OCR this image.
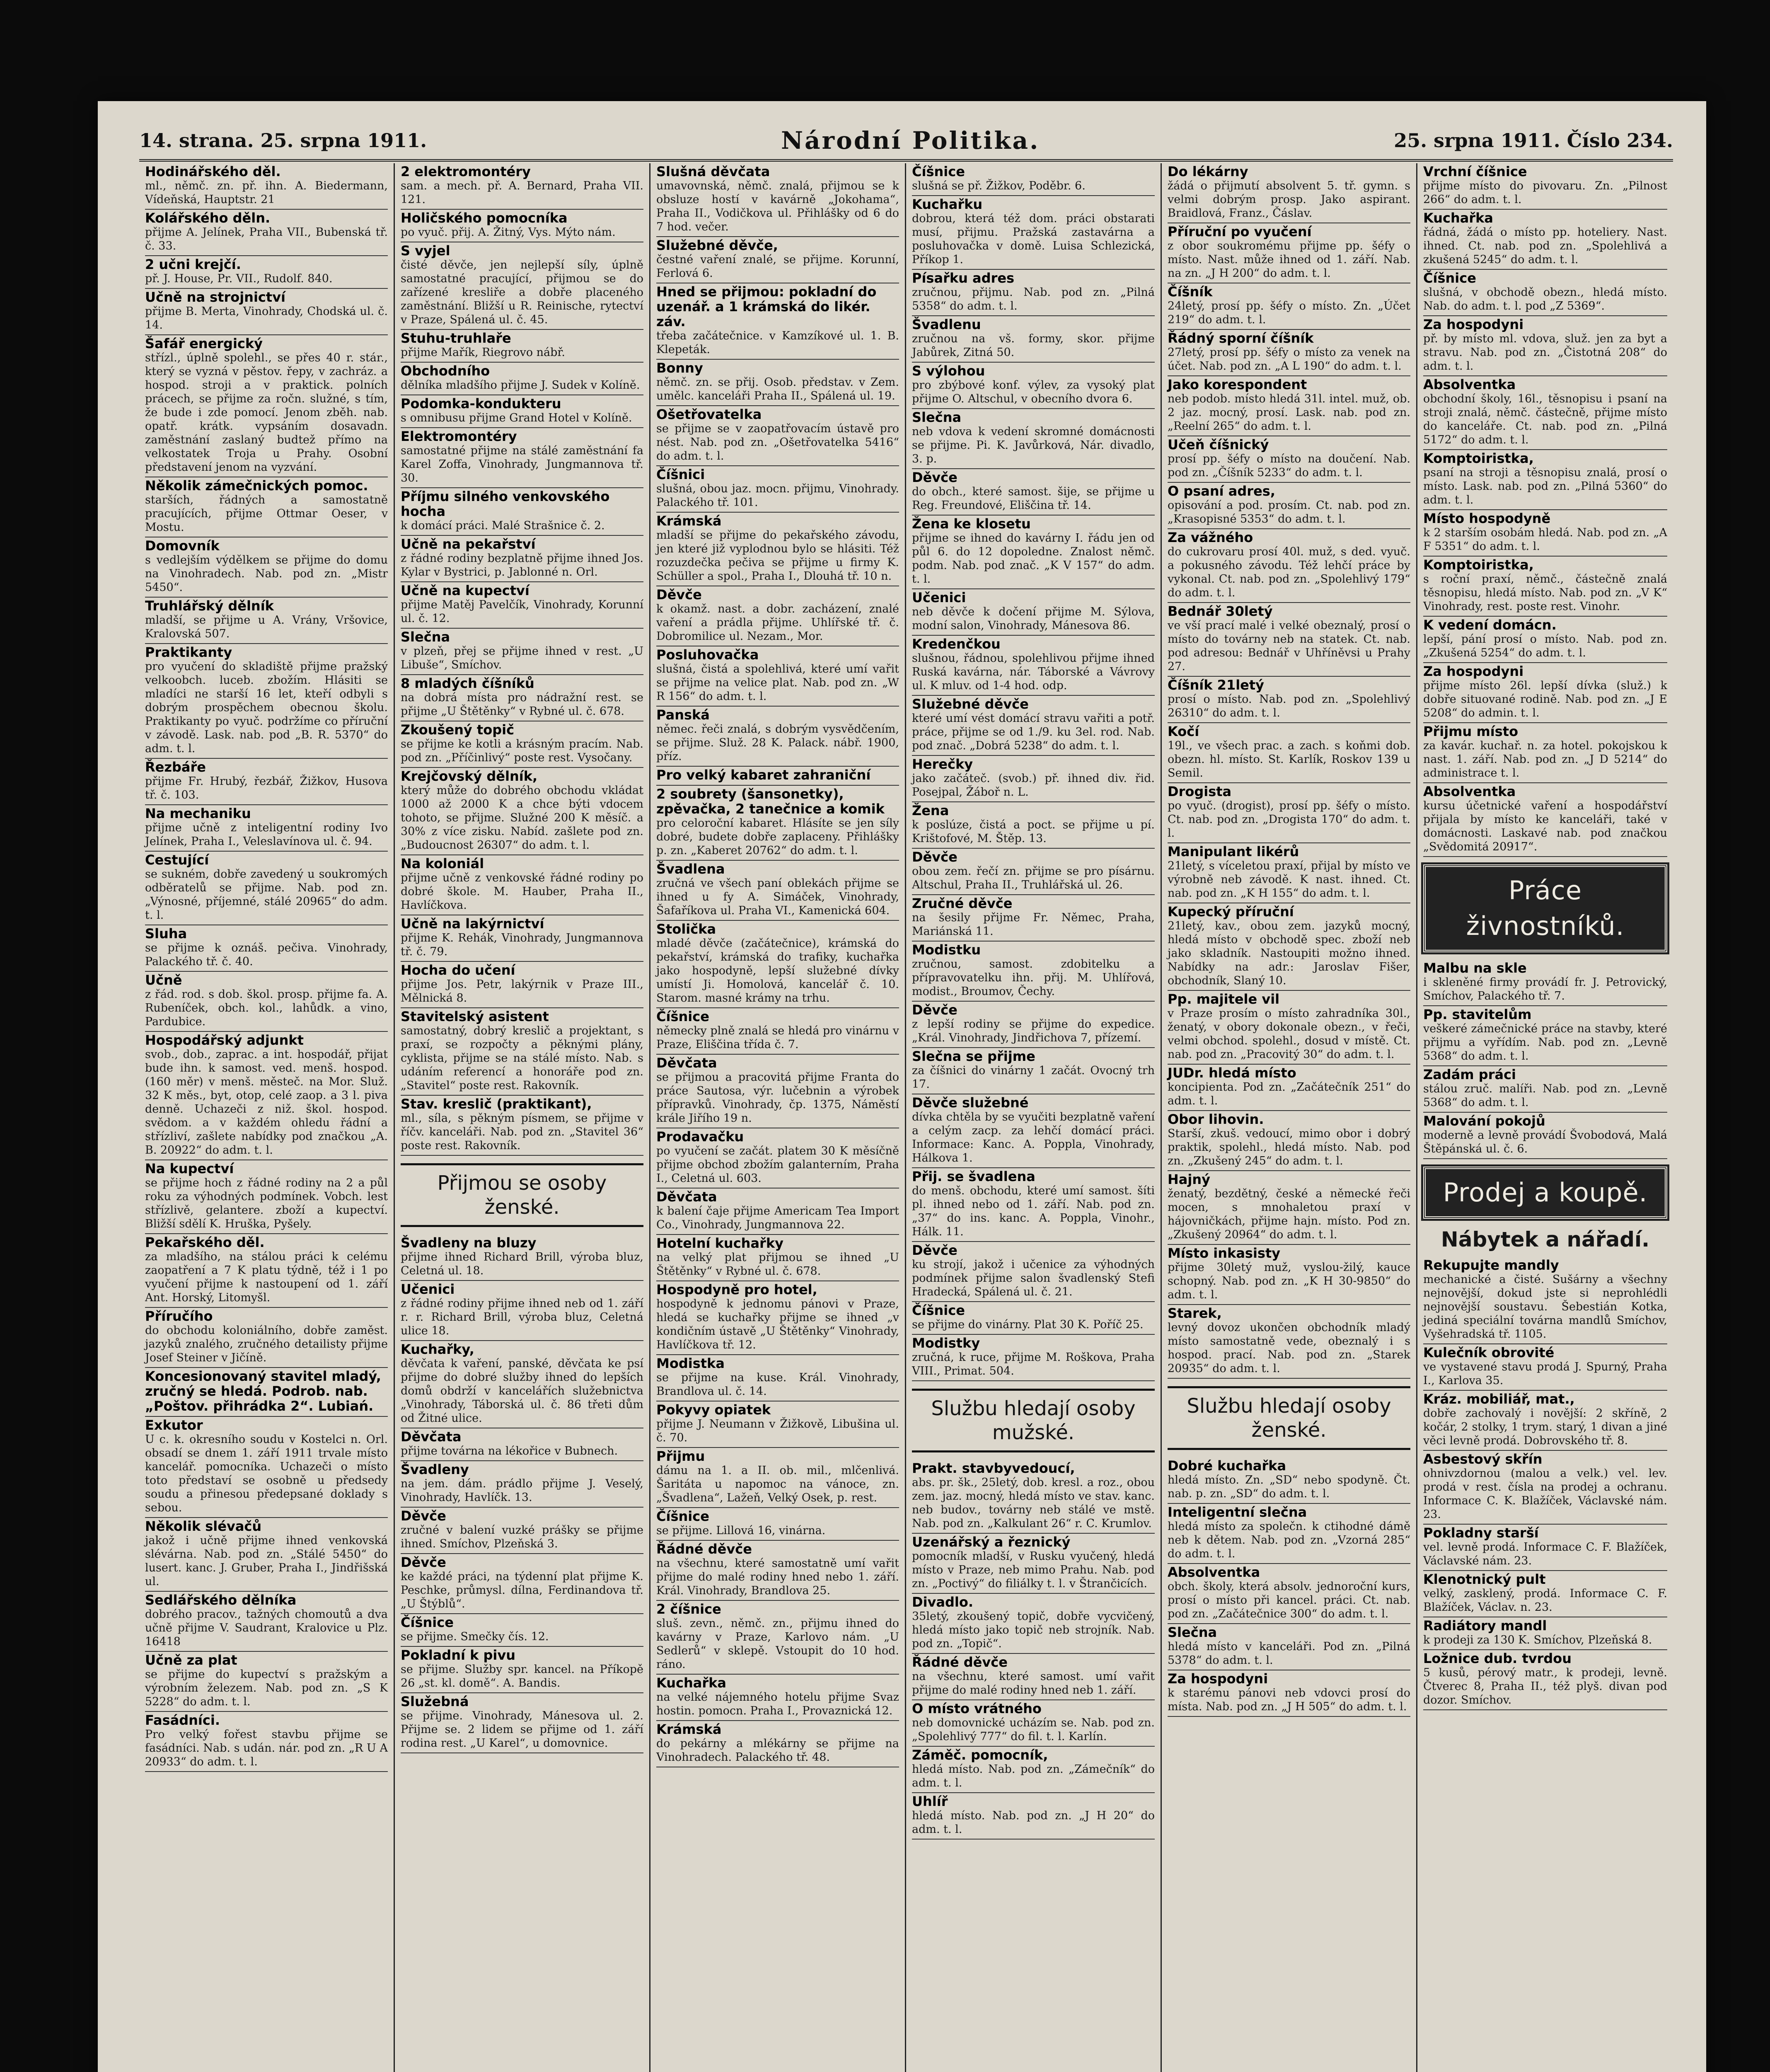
14. strana. 25. srpna 1911.	Národní Politika.	25. srpna 1911. Číslo 234.
Hodinářského děl.
ml., němč. zn. př. ihn. A. Biedermann, Vídeňská, Hauptstr. 21
Kolářského děln.
přijme A. Jelínek, Praha VII., Bubenská tř. č. 33.
2 učni krejčí.
př. J. House, Pr. VII., Rudolf. 840.
Učně na strojnictví
přijme B. Merta, Vinohrady, Chodská ul. č. 14.
Šafář energický
střízl., úplně spolehl., se přes 40 r. stár., který se vyzná v pěstov. řepy, v zachráz. a hospod. stroji a v praktick. polních prácech, se přijme za ročn. služné, s tím, že bude i zde pomocí. Jenom zběh. nab. opatř. krátk. vypsáním dosavadn. zaměstnání zaslaný budtež přímo na velkostatek Troja u Prahy. Osobní představení jenom na vyzvání.
Několik zámečnických pomoc.
starších, řádných a samostatně pracujících, přijme Ottmar Oeser, v Mostu.
Domovník
s vedlejším výdělkem se přijme do domu na Vinohradech. Nab. pod zn. „Mistr 5450“.
Truhlářský dělník
mladší, se přijme u A. Vrány, Vršovice, Kralovská 507.
Praktikanty
pro vyučení do skladiště přijme pražský velkoobch. luceb. zbožím. Hlásiti se mladíci ne starší 16 let, kteří odbyli s dobrým prospěchem obecnou školu. Praktikanty po vyuč. podržíme co příruční v závodě. Lask. nab. pod „B. R. 5370“ do adm. t. l.
Řezbáře
přijme Fr. Hrubý, řezbář, Žižkov, Husova tř. č. 103.
Na mechaniku
přijme učně z inteligentní rodiny Ivo Jelínek, Praha I., Veleslavínova ul. č. 94.
Cestující
se sukném, dobře zavedený u soukromých odběratelů se přijme. Nab. pod zn. „Výnosné, příjemné, stálé 20965“ do adm. t. l.
Sluha
se přijme k oznáš. pečiva. Vinohrady, Palackého tř. č. 40.
Učně
z řád. rod. s dob. škol. prosp. přijme fa. A. Rubeníček, obch. kol., lahůdk. a vino, Pardubice.
Hospodářský adjunkt
svob., dob., zaprac. a int. hospodář, přijat bude ihn. k samost. ved. menš. hospod. (160 měr) v menš. městeč. na Mor. Služ. 32 K měs., byt, otop, celé zaop. a 3 l. piva denně. Uchazeči z niž. škol. hospod. svědom. a v každém ohledu řádní a střízliví, zašlete nabídky pod značkou „A. B. 20922“ do adm. t. l.
Na kupectví
se přijme hoch z řádné rodiny na 2 a půl roku za výhodných podmínek. Vobch. lest střízlivě, gelantere. zboží a kupectví. Bližší sdělí K. Hruška, Pyšely.
Pekařského děl.
za mladšího, na stálou práci k celému zaopatření a 7 K platu týdně, též i 1 po vyučení přijme k nastoupení od 1. září Ant. Horský, Litomyšl.
Příručího
do obchodu koloniálního, dobře zaměst. jazyků znalého, zručného detailisty přijme Josef Steiner v Jičíně.
Koncesionovaný stavitel mladý, zručný se hledá. Podrob. nab. „Poštov. přihrádka 2“. Lubiań.
Exkutor
U c. k. okresního soudu v Kostelci n. Orl. obsadí se dnem 1. září 1911 trvale místo kancelář. pomocníka. Uchazeči o místo toto představí se osobně u předsedy soudu a přinesou předepsané doklady s sebou.
Několik slévačů
jakož i učně přijme ihned venkovská slévárna. Nab. pod zn. „Stálé 5450“ do lusert. kanc. J. Gruber, Praha I., Jindřišská ul.
Sedlářského dělníka
dobrého pracov., tažných chomoutů a dva učně přijme V. Saudrant, Kralovice u Plz. 16418
Učně za plat
se přijme do kupectví s pražským a výrobním železem. Nab. pod zn. „S K 5228“ do adm. t. l.
Fasádníci.
Pro velký fořest stavbu přijme se fasádníci. Nab. s udán. nár. pod zn. „R U A 20933“ do adm. t. l.
2 elektromontéry
sam. a mech. př. A. Bernard, Praha VII. 121.
Holičského pomocníka
po vyuč. přij. A. Žitný, Vys. Mýto nám.
S vyjel
čisté děvče, jen nejlepší síly, úplně samostatné pracující, přijmou se do zařízené kresliře a dobře placeného zaměstnání. Bližší u R. Reinische, rytectví v Praze, Spálená ul. č. 45.
Stuhu-truhlaře
přijme Mařík, Riegrovo nábř.
Obchodního
dělníka mladšího přijme J. Sudek v Kolíně.
Podomka-kondukteru
s omnibusu přijme Grand Hotel v Kolíně.
Elektromontéry
samostatné přijme na stálé zaměstnání fa Karel Zoffa, Vinohrady, Jungmannova tř. 30.
Příjmu silného venkovského hocha
k domácí práci. Malé Strašnice č. 2.
Učně na pekařství
z řádné rodiny bezplatně přijme ihned Jos. Kylar v Bystrici, p. Jablonné n. Orl.
Učně na kupectví
přijme Matěj Pavelčík, Vinohrady, Korunní ul. č. 12.
Slečna
v plzeň, přej se přijme ihned v rest. „U Libuše“, Smíchov.
8 mladých číšníků
na dobrá místa pro nádražní rest. se přijme „U Štětěnky“ v Rybné ul. č. 678.
Zkoušený topič
se přijme ke kotli a krásným pracím. Nab. pod zn. „Příčinlivý“ poste rest. Vysočany.
Krejčovský dělník,
který může do dobrého obchodu vkládat 1000 až 2000 K a chce býti vdocem tohoto, se přijme. Služné 200 K měsíč. a 30% z více zisku. Nabíd. zašlete pod zn. „Budoucnost 26307“ do adm. t. l.
Na koloniál
přijme učně z venkovské řádné rodiny po dobré škole. M. Hauber, Praha II., Havlíčkova.
Učně na lakýrnictví
přijme K. Rehák, Vinohrady, Jungmannova tř. č. 79.
Hocha do učení
přijme Jos. Petr, lakýrnik v Praze III., Mělnická 8.
Stavitelský asistent
samostatný, dobrý kreslič a projektant, s praxí, se rozpočty a pěknými plány, cyklista, přijme se na stálé místo. Nab. s udáním referencí a honoráře pod zn. „Stavitel“ poste rest. Rakovník.
Stav. kreslič (praktikant),
ml., síla, s pěkným písmem, se přijme v říčv. kanceláři. Nab. pod zn. „Stavitel 36“ poste rest. Rakovník.
Přijmou se osoby ženské.
Švadleny na bluzy
přijme ihned Richard Brill, výroba bluz, Celetná ul. 18.
Učenici
z řádné rodiny přijme ihned neb od 1. září r. r. Richard Brill, výroba bluz, Celetná ulice 18.
Kuchařky,
děvčata k vaření, panské, děvčata ke psí přijme do dobré služby ihned do lepších domů obdrží v kancelářích služebnictva „Vinohrady, Táborská ul. č. 86 třeti dům od Žitné ulice.
Děvčata
přijme továrna na lékořice v Bubnech.
Švadleny
na jem. dám. prádlo přijme J. Veselý, Vinohrady, Havlíčk. 13.
Děvče
zručné v balení vuzké prášky se přijme ihned. Smíchov, Plzeňská 3.
Děvče
ke každé práci, na týdenní plat přijme K. Peschke, průmysl. dílna, Ferdinandova tř. „U Štýblů“.
Číšnice
se přijme. Smečky čís. 12.
Pokladní k pivu
se přijme. Služby spr. kancel. na Příkopě 26 „st. kl. domě“. A. Bandis.
Služebná
se přijme. Vinohrady, Mánesova ul. 2. Přijme se. 2 lidem se přijme od 1. září rodina rest. „U Karel“, u domovnice.
Slušná děvčata
umavovnská, němč. znalá, přijmou se k obsluze hostí v kavárně „Jokohama“, Praha II., Vodičkova ul. Přihlášky od 6 do 7 hod. večer.
Služebné děvče,
čestné vaření znalé, se přijme. Korunní, Ferlová 6.
Hned se přijmou: pokladní do uzenář. a 1 krámská do likér. záv.
třeba začátečnice. v Kamzíkové ul. 1. B. Klepeták.
Bonny
němč. zn. se přij. Osob. představ. v Zem. umělc. kanceláři Praha II., Spálená ul. 19.
Ošetřovatelka
se přijme se v zaopatřovacím ústavě pro nést. Nab. pod zn. „Ošetřovatelka 5416“ do adm. t. l.
Číšnici
slušná, obou jaz. mocn. přijmu, Vinohrady. Palackého tř. 101.
Krámská
mladší se přijme do pekařského závodu, jen které již vyplodnou bylo se hlásiti. Též rozuzdečka pečiva se přijme u firmy K. Schüller a spol., Praha I., Dlouhá tř. 10 n.
Děvče
k okamž. nast. a dobr. zacházení, znalé vaření a prádla přijme. Uhlířské tř. č. Dobromilice ul. Nezam., Mor.
Posluhovačka
slušná, čistá a spolehlivá, které umí vařit se přijme na velice plat. Nab. pod zn. „W R 156“ do adm. t. l.
Panská
němec. řeči znalá, s dobrým vysvědčením, se přijme. Služ. 28 K. Palack. nábř. 1900, příz.
Pro velký kabaret zahraniční
2 soubrety (šansonetky), zpěvačka, 2 tanečnice a komik
pro celoroční kabaret. Hlásíte se jen síly dobré, budete dobře zaplaceny. Přihlášky p. zn. „Kaberet 20762“ do adm. t. l.
Švadlena
zručná ve všech paní oblekách přijme se ihned u fy A. Simáček, Vinohrady, Šafaříkova ul. Praha VI., Kamenická 604.
Stolička
mladé děvče (začátečnice), krámská do pekařství, krámská do trafiky, kuchařka jako hospodyně, lepší služebné dívky umístí Ji. Homolová, kancelář č. 10. Starom. masné krámy na trhu.
Číšnice
německy plně znalá se hledá pro vinárnu v Praze, Eliščina třída č. 7.
Děvčata
se přijmou a pracovitá přijme Franta do práce Sautosa, výr. lučebnin a výrobek přípravků. Vinohrady, čp. 1375, Náměstí krále Jiřího 19 n.
Prodavačku
po vyučení se začát. platem 30 K měsíčně přijme obchod zbožím galanterním, Praha I., Celetná ul. 603.
Děvčata
k balení čaje přijme Americam Tea Import Co., Vinohrady, Jungmannova 22.
Hotelní kuchařky
na velký plat přijmou se ihned „U Štětěnky“ v Rybné ul. č. 678.
Hospodyně pro hotel,
hospodyně k jednomu pánovi v Praze, hledá se kuchařky přijme se ihned „v kondičním ústavě „U Štětěnky“ Vinohrady, Havlíčkova tř. 12.
Modistka
se přijme na kuse. Král. Vinohrady, Brandlova ul. č. 14.
Pokyvy opiatek
přijme J. Neumann v Žižkově, Libušina ul. č. 70.
Přijmu
dámu na 1. a II. ob. mil., mlčenlivá. Šaritáta u napomoc na vánoce, zn. „Švadlena“, Lažeň, Velký Osek, p. rest.
Číšnice
se přijme. Lillová 16, vinárna.
Řádné děvče
na všechnu, které samostatně umí vařit přijme do malé rodiny hned nebo 1. září. Král. Vinohrady, Brandlova 25.
2 číšnice
sluš. zevn., němč. zn., přijmu ihned do kavárny v Praze, Karlovo nám. „U Sedlerů“ v sklepě. Vstoupit do 10 hod. ráno.
Kuchařka
na velké nájemného hotelu přijme Svaz hostin. pomocn. Praha I., Provaznická 12.
Krámská
do pekárny a mlékárny se přijme na Vinohradech. Palackého tř. 48.
Číšnice
slušná se př. Žižkov, Poděbr. 6.
Kuchařku
dobrou, která též dom. práci obstarati musí, přijmu. Pražská zastavárna a posluhovačka v domě. Luisa Schlezická, Příkop 1.
Písařku adres
zručnou, přijmu. Nab. pod zn. „Pilná 5358“ do adm. t. l.
Švadlenu
zručnou na vš. formy, skor. přijme Jabůrek, Zitná 50.
S výlohou
pro zbýbové konf. výlev, za vysoký plat přijme O. Altschul, v obecního dvora 6.
Slečna
neb vdova k vedení skromné domácnosti se přijme. Pi. K. Javůrková, Nár. divadlo, 3. p.
Děvče
do obch., které samost. šije, se přijme u Reg. Freundové, Eliščina tř. 14.
Žena ke klosetu
přijme se ihned do kavárny I. řádu jen od půl 6. do 12 dopoledne. Znalost němč. podm. Nab. pod znač. „K V 157“ do adm. t. l.
Učenici
neb děvče k dočení přijme M. Sýlova, modní salon, Vinohrady, Mánesova 86.
Kredenčkou
slušnou, řádnou, spolehlivou přijme ihned Ruská kavárna, nár. Táborské a Vávrovy ul. K mluv. od 1-4 hod. odp.
Služebné děvče
které umí vést domácí stravu vařiti a potř. práce, přijme se od 1./9. ku 3el. rod. Nab. pod znač. „Dobrá 5238“ do adm. t. l.
Herečky
jako začáteč. (svob.) př. ihned div. řid. Posejpal, Žáboř n. L.
Žena
k poslúze, čistá a poct. se přijme u pí. Krištofové, M. Štěp. 13.
Děvče
obou zem. řečí zn. přijme se pro písárnu. Altschul, Praha II., Truhlářská ul. 26.
Zručné děvče
na šesily přijme Fr. Němec, Praha, Mariánská 11.
Modistku
zručnou, samost. zdobitelku a přípravovatelku ihn. přij. M. Uhlířová, modist., Broumov, Čechy.
Děvče
z lepší rodiny se přijme do expedice. „Král. Vinohrady, Jindřichova 7, přízemí.
Slečna se přijme
za číšnici do vinárny 1 začát. Ovocný trh 17.
Děvče služebné
dívka chtěla by se vyučiti bezplatně vaření a celým zacp. za lehčí domácí práci. Informace: Kanc. A. Poppla, Vinohrady, Hálkova 1.
Přij. se švadlena
do menš. obchodu, které umí samost. šíti pl. ihned nebo od 1. září. Nab. pod zn. „37“ do ins. kanc. A. Poppla, Vinohr., Hálk. 11.
Děvče
ku strojí, jakož i učenice za výhodných podmínek přijme salon švadlenský Stefi Hradecká, Spálená ul. č. 21.
Číšnice
se přijme do vinárny. Plat 30 K. Poříč 25.
Modistky
zručná, k ruce, přijme M. Roškova, Praha VIII., Primat. 504.
Službu hledají osoby mužské.
Prakt. stavbyvedoucí,
abs. pr. šk., 25letý, dob. kresl. a roz., obou zem. jaz. mocný, hledá místo ve stav. kanc. neb budov., továrny neb stálé ve mstě. Nab. pod zn. „Kalkulant 26“ r. C. Krumlov.
Uzenářský a řeznický
pomocník mladší, v Rusku vyučený, hledá místo v Praze, neb mimo Prahu. Nab. pod zn. „Poctivý“ do filiálky t. l. v Štrančicích.
Divadlo.
35letý, zkoušený topič, dobře vycvičený, hledá místo jako topič neb strojník. Nab. pod zn. „Topič“.
Řádné děvče
na všechnu, které samost. umí vařit přijme do malé rodiny hned neb 1. září.
O místo vrátného
neb domovnické ucházím se. Nab. pod zn. „Spolehlivý 777“ do fil. t. l. Karlín.
Záměč. pomocník,
hledá místo. Nab. pod zn. „Zámečník“ do adm. t. l.
Uhlíř
hledá místo. Nab. pod zn. „J H 20“ do adm. t. l.
Do lékárny
žádá o přijmutí absolvent 5. tř. gymn. s velmi dobrým prosp. Jako aspirant. Braidlová, Franz., Čáslav.
Příruční po vyučení
z obor soukromému přijme pp. šéfy o místo. Nast. může ihned od 1. září. Nab. na zn. „J H 200“ do adm. t. l.
Číšník
24letý, prosí pp. šéfy o místo. Zn. „Účet 219“ do adm. t. l.
Řádný sporní číšník
27letý, prosí pp. šéfy o místo za venek na účet. Nab. pod zn. „A L 190“ do adm. t. l.
Jako korespondent
neb podob. místo hledá 31l. intel. muž, ob. 2 jaz. mocný, prosí. Lask. nab. pod zn. „Reelní 265“ do adm. t. l.
Učeň číšnický
prosí pp. šéfy o místo na doučení. Nab. pod zn. „Číšník 5233“ do adm. t. l.
O psaní adres,
opisování a pod. prosím. Ct. nab. pod zn. „Krasopisné 5353“ do adm. t. l.
Za vážného
do cukrovaru prosí 40l. muž, s ded. vyuč. a pokusného závodu. Též lehčí práce by vykonal. Ct. nab. pod zn. „Spolehlivý 179“ do adm. t. l.
Bednář 30letý
ve vší prací malé i velké obeznalý, prosí o místo do továrny neb na statek. Ct. nab. pod adresou: Bednář v Uhříněvsi u Prahy 27.
Číšník 21letý
prosí o místo. Nab. pod zn. „Spolehlivý 26310“ do adm. t. l.
Kočí
19l., ve všech prac. a zach. s koňmi dob. obezn. hl. místo. St. Karlík, Roskov 139 u Semil.
Drogista
po vyuč. (drogist), prosí pp. šéfy o místo. Ct. nab. pod zn. „Drogista 170“ do adm. t. l.
Manipulant likérů
21letý, s víceletou praxí, přijal by místo ve výrobně neb závodě. K nast. ihned. Ct. nab. pod zn. „K H 155“ do adm. t. l.
Kupecký příruční
21letý, kav., obou zem. jazyků mocný, hledá místo v obchodě spec. zboží neb jako skladník. Nastoupiti možno ihned. Nabídky na adr.: Jaroslav Fišer, obchodník, Slaný 10.
Pp. majitele vil
v Praze prosím o místo zahradníka 30l., ženatý, v obory dokonale obezn., v řeči, velmi obchod. spolehl., dosud v místě. Ct. nab. pod zn. „Pracovitý 30“ do adm. t. l.
JUDr. hledá místo
koncipienta. Pod zn. „Začátečník 251“ do adm. t. l.
Obor lihovin.
Starší, zkuš. vedoucí, mimo obor i dobrý praktik, spolehl., hledá místo. Nab. pod zn. „Zkušený 245“ do adm. t. l.
Hajný
ženatý, bezdětný, české a německé řeči mocen, s mnohaletou praxí v hájovničkách, přijme hajn. místo. Pod zn. „Zkušený 20964“ do adm. t. l.
Místo inkasisty
přijme 30letý muž, vyslou-žilý, kauce schopný. Nab. pod zn. „K H 30-9850“ do adm. t. l.
Starek,
levný dovoz ukončen obchodník mladý místo samostatně vede, obeznalý i s hospod. prací. Nab. pod zn. „Starek 20935“ do adm. t. l.
Službu hledají osoby ženské.
Dobré kuchařka
hledá místo. Zn. „SD“ nebo spodyně. Čt. nab. p. zn. „SD“ do adm. t. l.
Inteligentní slečna
hledá místo za společn. k ctihodné dámě neb k dětem. Nab. pod zn. „Vzorná 285“ do adm. t. l.
Absolventka
obch. školy, která absolv. jednoroční kurs, prosí o místo při kancel. práci. Ct. nab. pod zn. „Začátečnice 300“ do adm. t. l.
Slečna
hledá místo v kanceláři. Pod zn. „Pilná 5378“ do adm. t. l.
Za hospodyni
k starému pánovi neb vdovci prosí do místa. Nab. pod zn. „J H 505“ do adm. t. l.
Vrchní číšnice
přijme místo do pivovaru. Zn. „Pilnost 266“ do adm. t. l.
Kuchařka
řádná, žádá o místo pp. hoteliery. Nast. ihned. Ct. nab. pod zn. „Spolehlivá a zkušená 5245“ do adm. t. l.
Číšnice
slušná, v obchodě obezn., hledá místo. Nab. do adm. t. l. pod „Z 5369“.
Za hospodyni
př. by místo ml. vdova, služ. jen za byt a stravu. Nab. pod zn. „Čistotná 208“ do adm. t. l.
Absolventka
obchodní školy, 16l., těsnopisu i psaní na stroji znalá, němč. částečně, přijme místo do kanceláře. Ct. nab. pod zn. „Pilná 5172“ do adm. t. l.
Komptoiristka,
psaní na stroji a těsnopisu znalá, prosí o místo. Lask. nab. pod zn. „Pilná 5360“ do adm. t. l.
Místo hospodyně
k 2 starším osobám hledá. Nab. pod zn. „A F 5351“ do adm. t. l.
Komptoiristka,
s roční praxí, němč., částečně znalá těsnopisu, hledá místo. Nab. pod zn. „V K“ Vinohrady, rest. poste rest. Vinohr.
K vedení domácn.
lepší, pání prosí o místo. Nab. pod zn. „Zkušená 5254“ do adm. t. l.
Za hospodyni
přijme místo 26l. lepší dívka (služ.) k dobře situované rodině. Nab. pod zn. „J E 5208“ do admin. t. l.
Přijmu místo
za kavár. kuchař. n. za hotel. pokojskou k nast. 1. září. Nab. pod zn. „J D 5214“ do administrace t. l.
Absolventka
kursu účetnické vaření a hospodářství přijala by místo ke kanceláři, také v domácnosti. Laskavé nab. pod značkou „Svědomitá 20917“.
Práce živnostníků.
Malbu na skle
i skleněné firmy provádí fr. J. Petrovický, Smíchov, Palackého tř. 7.
Pp. stavitelům
veškeré zámečnické práce na stavby, které přijmu a vyřídím. Nab. pod zn. „Levně 5368“ do adm. t. l.
Zadám práci
stálou zruč. malíři. Nab. pod zn. „Levně 5368“ do adm. t. l.
Malování pokojů
moderně a levně provádí Švobodová, Malá Štěpánská ul. č. 6.
Prodej a koupě.
Nábytek a nářadí.
Rekupujte mandly
mechanické a čisté. Sušárny a všechny nejnovější, dokud jste si neprohlédli nejnovější soustavu. Šebestián Kotka, jediná speciální továrna mandlů Smíchov, Vyšehradská tř. 1105.
Kulečník obrovité
ve vystavené stavu prodá J. Spurný, Praha I., Karlova 35.
Kráz. mobiliář, mat.,
dobře zachovalý i novější: 2 skříně, 2 kočár, 2 stolky, 1 trym. starý, 1 divan a jiné věci levně prodá. Dobrovského tř. 8.
Asbestový skřín
ohnivzdornou (malou a velk.) vel. lev. prodá v rest. čísla na prodej a ochranu. Informace C. K. Blažíček, Václavské nám. 23.
Pokladny starší
vel. levně prodá. Informace C. F. Blažíček, Václavské nám. 23.
Klenotnický pult
velký, zasklený, prodá. Informace C. F. Blažíček, Václav. n. 23.
Radiátory mandl
k prodeji za 130 K. Smíchov, Plzeňská 8.
Ložnice dub. tvrdou
5 kusů, pérový matr., k prodeji, levně. Čtverec 8, Praha II., též plyš. divan pod dozor. Smíchov.
